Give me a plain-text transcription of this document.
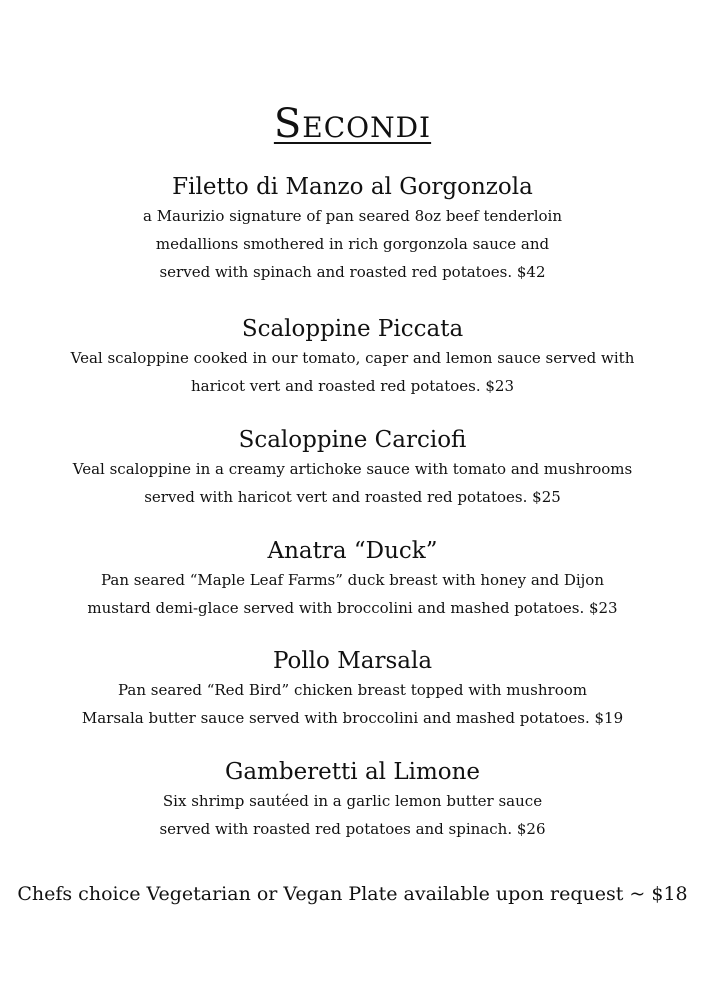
Secondi

Filetto di Manzo al Gorgonzola

a Maurizio signature of pan seared 8oz beef tenderloin

medallions smothered in rich gorgonzola sauce and

served with spinach and roasted red potatoes. $42

Scaloppine Piccata

Veal scaloppine cooked in our tomato, caper and lemon sauce served with

haricot vert and roasted red potatoes. $23

Scaloppine Carciofi

Veal scaloppine in a creamy artichoke sauce with tomato and mushrooms

served with haricot vert and roasted red potatoes. $25

Anatra “Duck”

Pan seared “Maple Leaf Farms” duck breast with honey and Dijon

mustard demi-glace served with broccolini and mashed potatoes. $23

Pollo Marsala

Pan seared “Red Bird” chicken breast topped with mushroom

Marsala butter sauce served with broccolini and mashed potatoes. $19

Gamberetti al Limone

Six shrimp sautéed in a garlic lemon butter sauce

served with roasted red potatoes and spinach. $26

Chefs choice Vegetarian or Vegan Plate available upon request ~ $18
